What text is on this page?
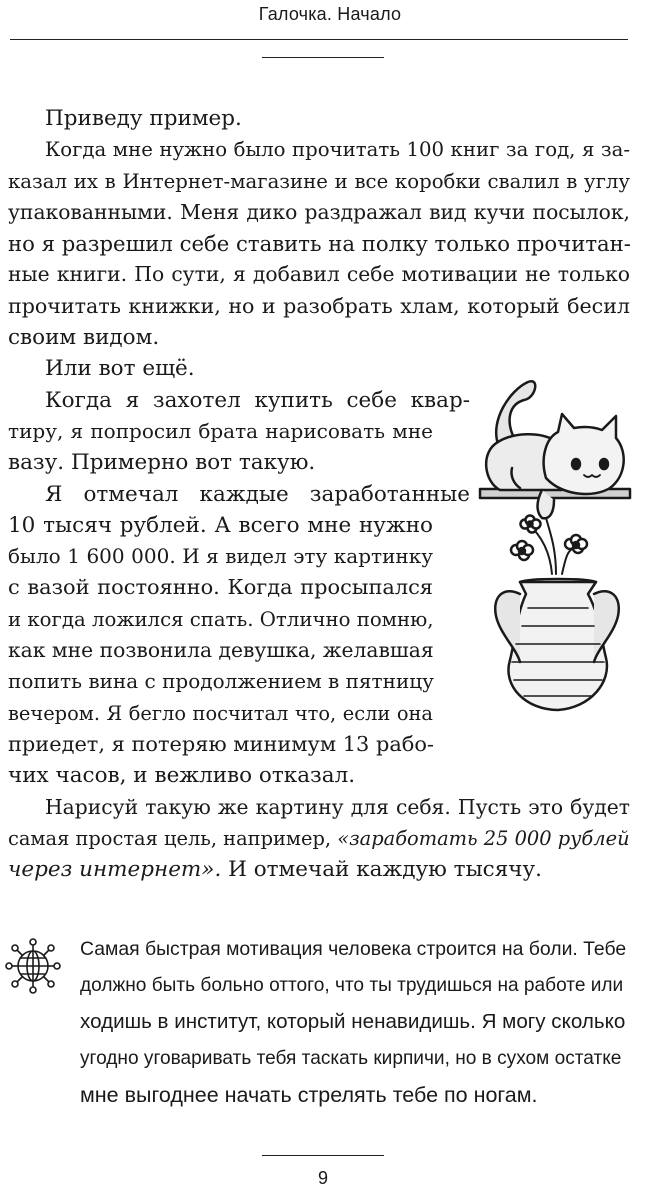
Галочка. Начало
Приведу пример.
Когда мне нужно было прочитать 100 книг за год, я за-
казал их в Интернет-магазине и все коробки свалил в углу
упакованными. Меня дико раздражал вид кучи посылок,
но я разрешил себе ставить на полку только прочитан-
ные книги. По сути, я добавил себе мотивации не только
прочитать книжки, но и разобрать хлам, который бесил
своим видом.
Или вот ещё.
Когда я захотел купить себе квар-
тиру, я попросил брата нарисовать мне
вазу. Примерно вот такую.
Я отмечал каждые заработанные
10 тысяч рублей. А всего мне нужно
было 1 600 000. И я видел эту картинку
с вазой постоянно. Когда просыпался
и когда ложился спать. Отлично помню,
как мне позвонила девушка, желавшая
попить вина с продолжением в пятницу
вечером. Я бегло посчитал что, если она
приедет, я потеряю минимум 13 рабо-
чих часов, и вежливо отказал.
Нарисуй такую же картину для себя. Пусть это будет
самая простая цель, например, «заработать 25 000 рублей
через интернет». И отмечай каждую тысячу.
Самая быстрая мотивация человека строится на боли. Тебе
должно быть больно оттого, что ты трудишься на работе или
ходишь в институт, который ненавидишь. Я могу сколько
угодно уговаривать тебя таскать кирпичи, но в сухом остатке
мне выгоднее начать стрелять тебе по ногам.
9
